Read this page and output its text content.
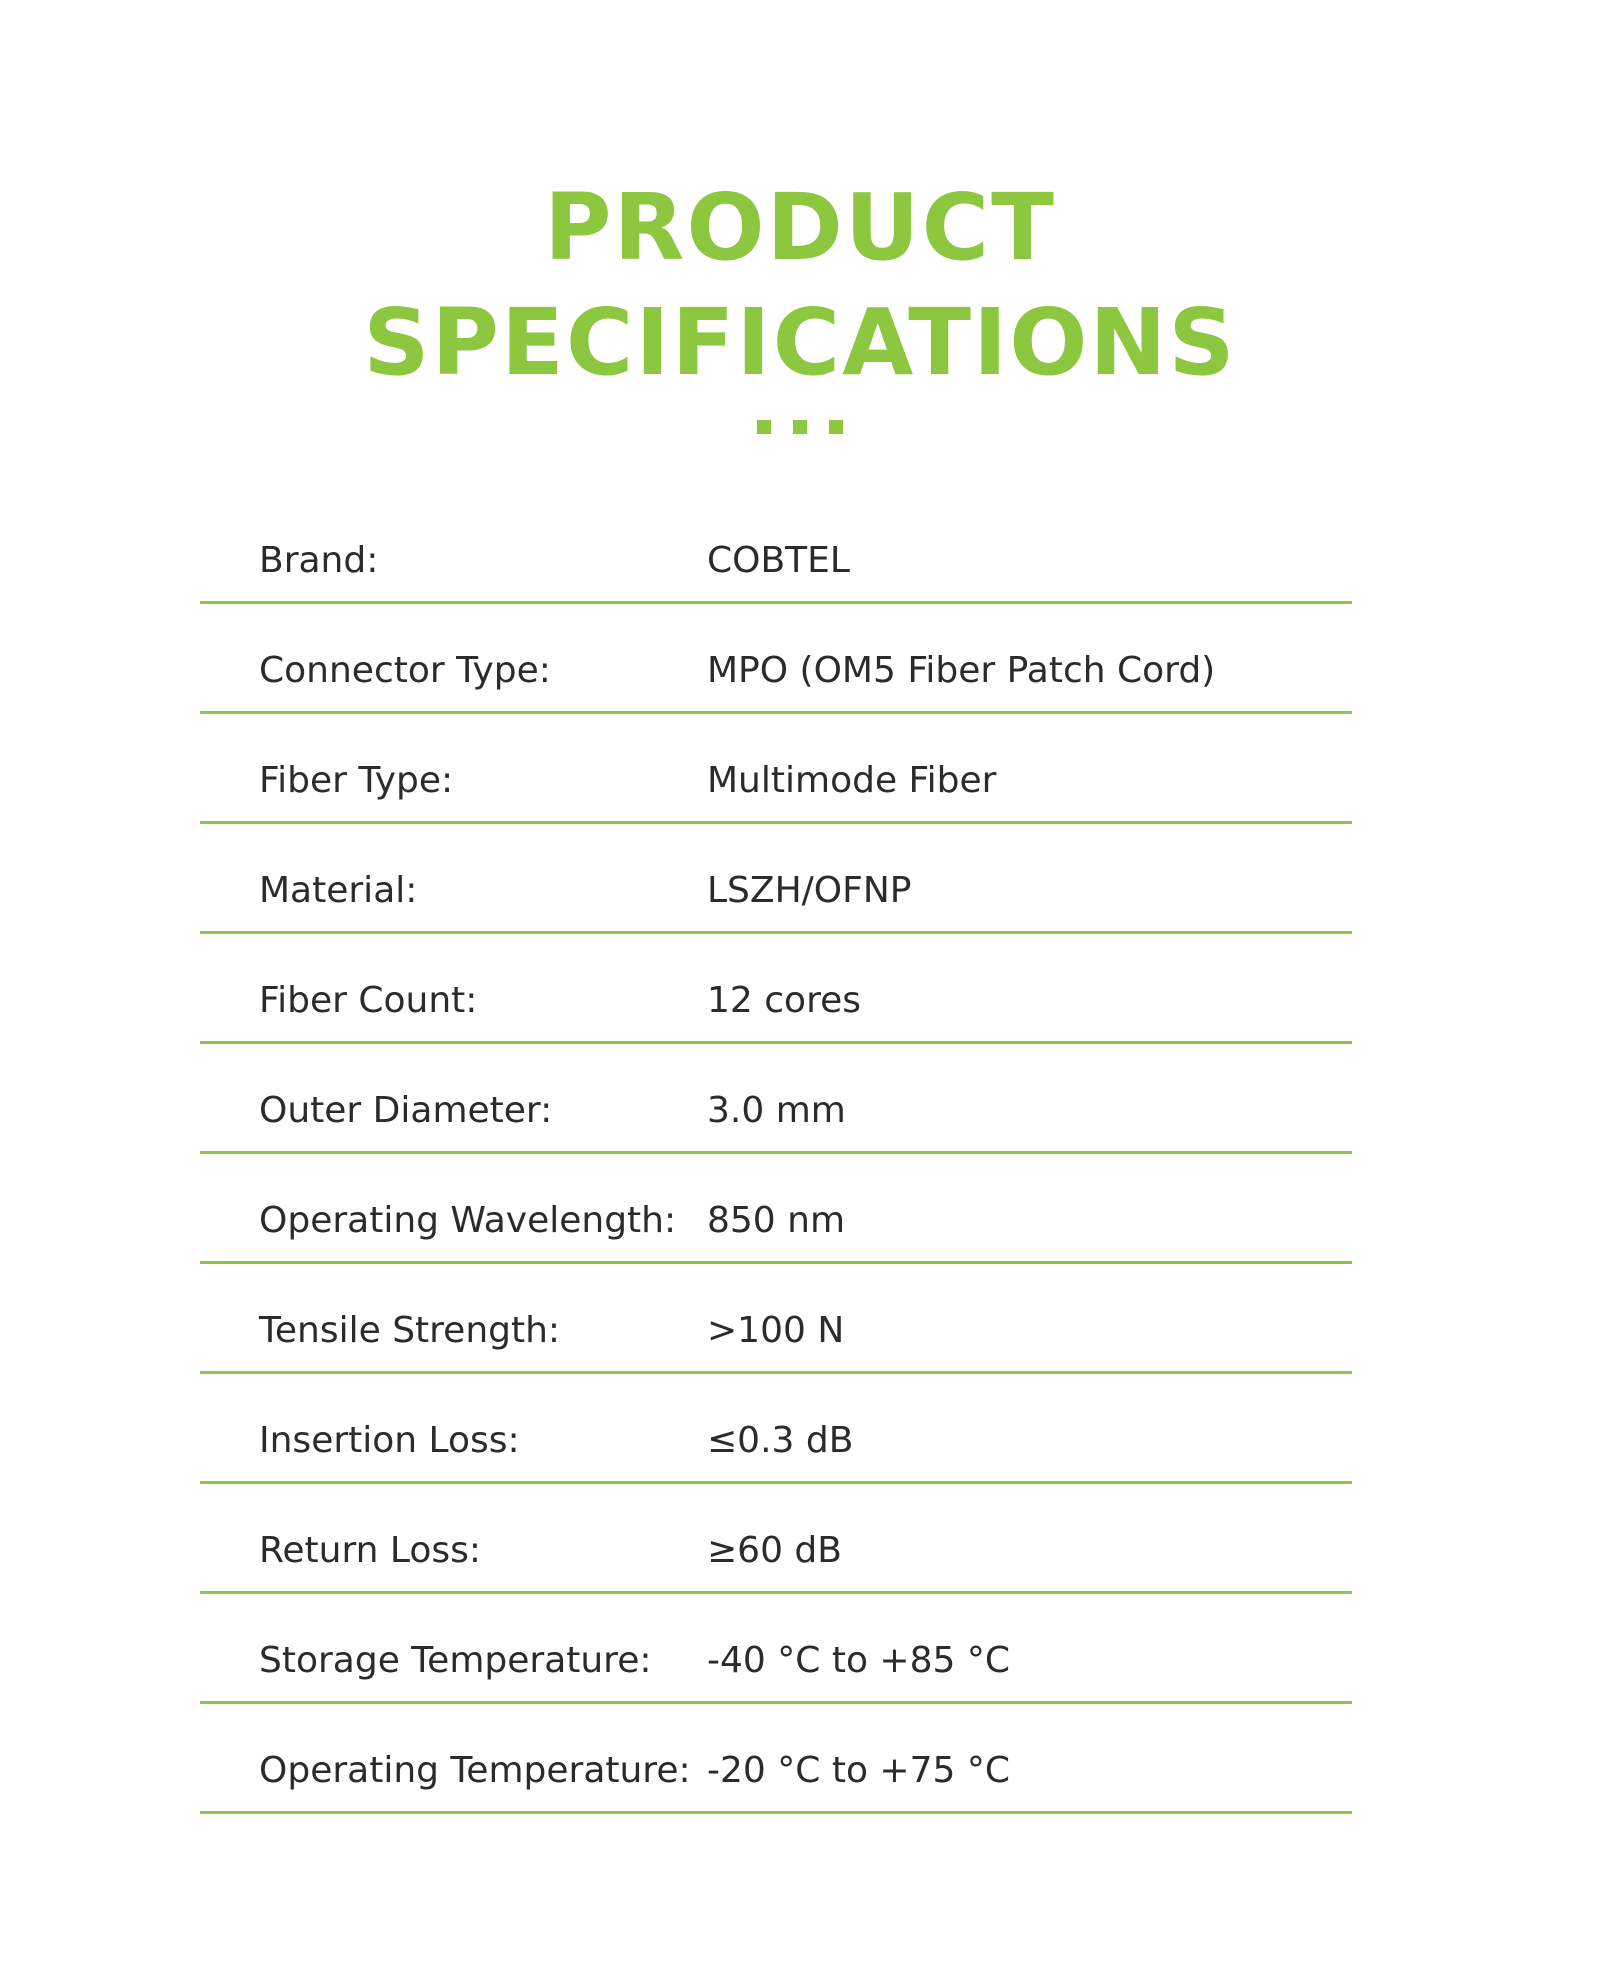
PRODUCT
SPECIFICATIONS
Brand:	COBTEL
Connector Type:	MPO (OM5 Fiber Patch Cord)
Fiber Type:	Multimode Fiber
Material:	LSZH/OFNP
Fiber Count:	12 cores
Outer Diameter:	3.0 mm
Operating Wavelength: 850 nm
Tensile Strength:	>100 N
Insertion Loss:	≤0.3 dB
Return Loss:	≥60 dB
Storage Temperature: -40 °C to +85 °C
Operating Temperature: -20 °C to +75 °C
